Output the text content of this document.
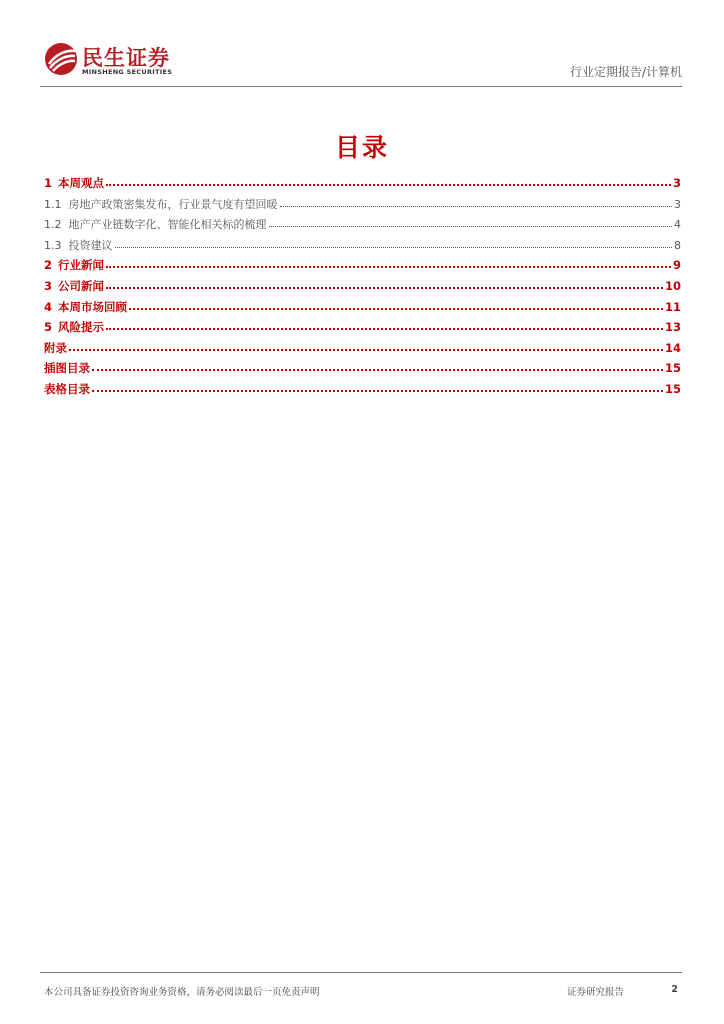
民生证券
MINSHENG SECURITIES	行业定期报告/计算机
目录
1 本周观点	3
1.1 房地产政策密集发布，行业景气度有望回暖	3
1.2 地产产业链数字化、智能化相关标的梳理	4
1.3 投资建议	8
2 行业新闻	9
3 公司新闻	10
4 本周市场回顾	11
5 风险提示	13
附录	14
插图目录	15
表格目录	15
本公司具备证券投资咨询业务资格，请务必阅读最后一页免责声明	证券研究报告	2
